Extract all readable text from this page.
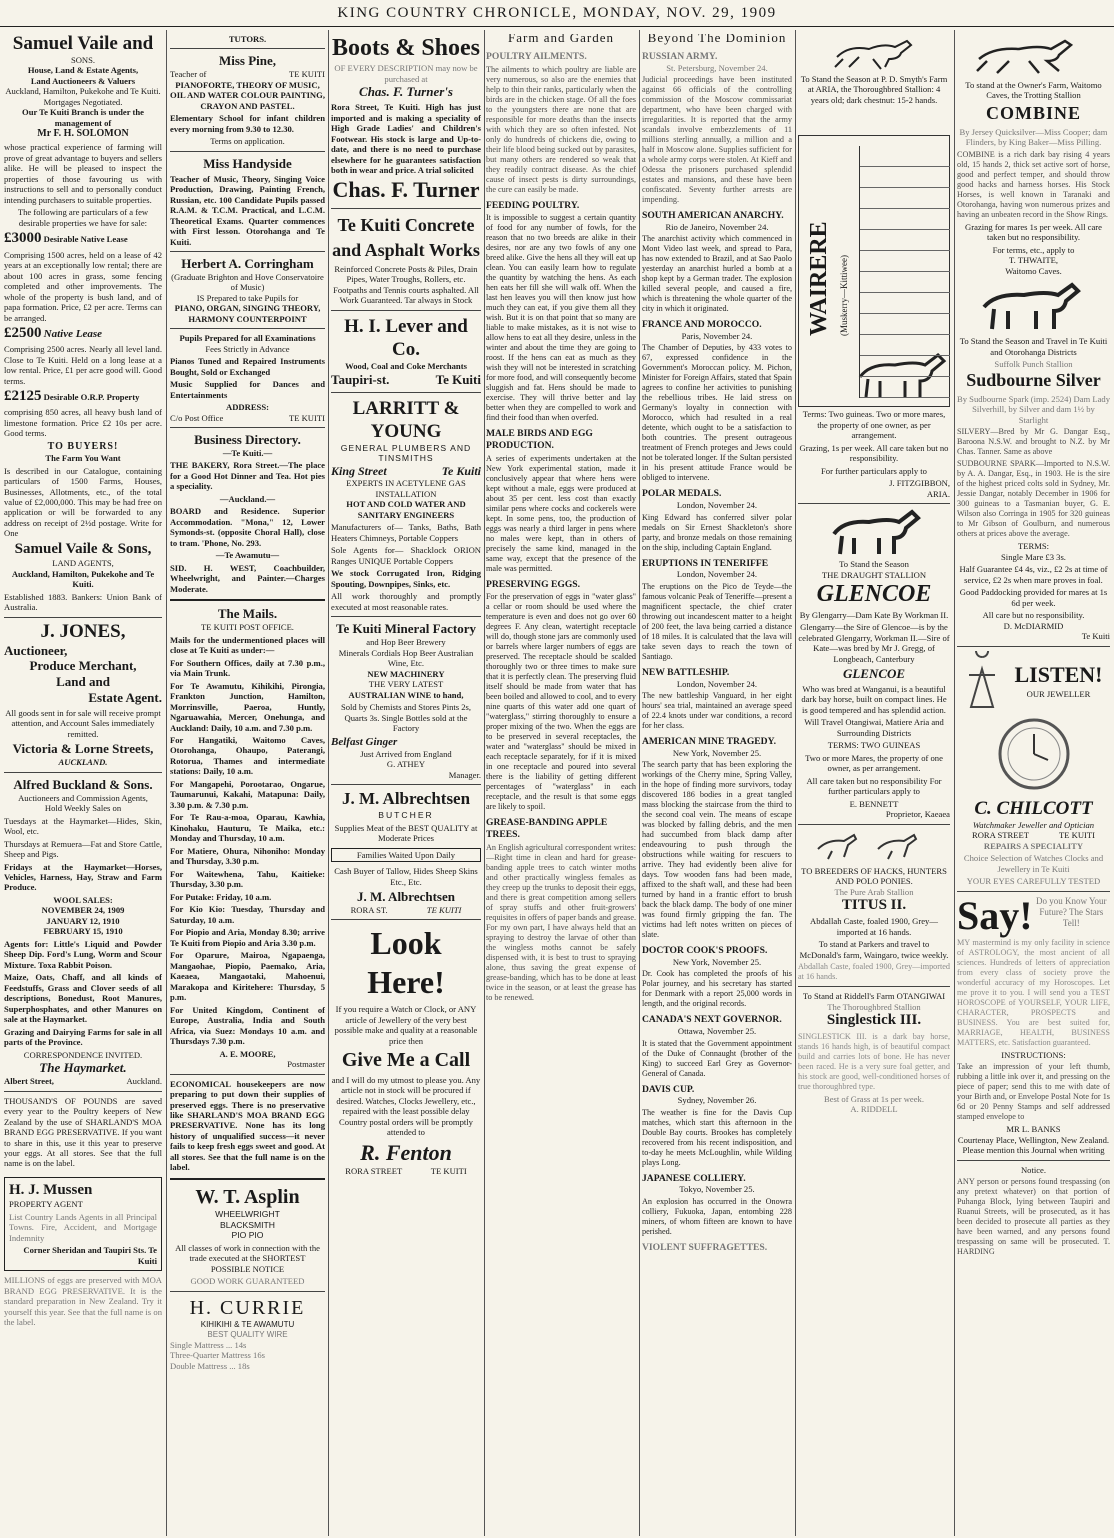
KING COUNTRY CHRONICLE, MONDAY, NOV. 29, 1909
Samuel Vaile and
SONS.
House, Land & Estate Agents,
Land Auctioneers & Valuers
Auckland, Hamilton, Pukekohe and Te Kuiti.
Mortgages Negotiated.
Our Te Kuiti Branch is under the management of
Mr F. H. SOLOMON

whose practical experience of farming will prove of great advantage to buyers and sellers alike. He will be pleased to inspect the properties of those favouring us with instructions to sell and to personally conduct intending purchasers to suitable properties.

The following are particulars of a few desirable properties we have for sale:

£3000 Desirable Native Lease

Comprising 1500 acres, held on a lease of 42 years at an exceptionally low rental; there are about 100 acres in grass, some fencing completed and other improvements. The whole of the property is bush land, and of papa formation. Price, £2 per acre. Terms can be arranged.

£2500 Native Lease

Comprising 2500 acres. Nearly all level land. Close to Te Kuiti. Held on a long lease at a low rental. Price, £1 per acre good will. Good terms.

£2125 Desirable O.R.P. Property

comprising 850 acres, all heavy bush land of limestone formation. Price £2 10s per acre. Good terms.

TO BUYERS!
The Farm You Want

Is described in our Catalogue, containing particulars of 1500 Farms, Houses, Businesses, Allotments, etc., of the total value of £2,000,000. This may be had free on application or will be forwarded to any address on receipt of 2½d postage. Write for One

Samuel Vaile & Sons,
LAND AGENTS,
Auckland, Hamilton, Pukekohe and Te Kuiti.

Established 1883. Bankers: Union Bank of Australia.

J. JONES,
Auctioneer,
Produce Merchant,
Land and
Estate Agent.

All goods sent in for sale will receive prompt attention, and Account Sales immediately remitted.

Victoria & Lorne Streets,
AUCKLAND.
Alfred Buckland & Sons.
Auctioneers and Commission Agents,
Hold Weekly Sales on

Tuesdays at the Haymarket—Hides, Skin, Wool, etc.

Thursdays at Remuera—Fat and Store Cattle, Sheep and Pigs.

Fridays at the Haymarket—Horses, Vehicles, Harness, Hay, Straw and Farm Produce.

WOOL SALES:
NOVEMBER 24, 1909
JANUARY 12, 1910
FEBRUARY 15, 1910

Agents for: Little's Liquid and Powder Sheep Dip. Ford's Lung, Worm and Scour Mixture. Toxa Rabbit Poison.

Maize, Oats, Chaff, and all kinds of Feedstuffs, Grass and Clover seeds of all descriptions, Bonedust, Root Manures, Superphosphates, and other Manures on sale at the Haymarket.

Grazing and Dairying Farms for sale in all parts of the Province.

CORRESPONDENCE INVITED.
The Haymarket.
Albert Street,	Auckland.

THOUSAND'S OF POUNDS are saved every year to the Poultry keepers of New Zealand by the use of SHARLAND'S MOA BRAND EGG PRESERVATIVE. If you want to share in this, use it this year to preserve your eggs. At all stores. See that the full name is on the label.

H. J. Mussen
PROPERTY AGENT

List Country Lands Agents in all Principal Towns. Fire, Accident, and Mortgage Indemnity

Corner Sheridan and Taupiri Sts. Te Kuiti

MILLIONS of eggs are preserved with MOA BRAND EGG PRESERVATIVE. It is the standard preparation in New Zealand. Try it yourself this year. See that the full name is on the label.

TUTORS.
Miss Pine,
Teacher of	TE KUITI
PIANOFORTE, THEORY OF MUSIC, OIL AND WATER COLOUR PAINTING, CRAYON AND PASTEL.

Elementary School for infant children every morning from 9.30 to 12.30.

Terms on application.
Miss Handyside

Teacher of Music, Theory, Singing Voice Production, Drawing, Painting French, Russian, etc. 100 Candidate Pupils passed R.A.M. & T.C.M. Practical, and L.C.M. Theoretical Exams. Quarter commences with First lesson. Otorohanga and Te Kuiti.

Herbert A. Corringham
(Graduate Brighton and Hove Conservatoire of Music)
IS Prepared to take Pupils for
PIANO, ORGAN, SINGING THEORY, HARMONY COUNTERPOINT
Pupils Prepared for all Examinations
Fees Strictly in Advance

Pianos Tuned and Repaired Instruments Bought, Sold or Exchanged

Music Supplied for Dances and Entertainments

ADDRESS:
C/o Post Office	TE KUITI
Business Directory.
—Te Kuiti.—

THE BAKERY, Rora Street.—The place for a Good Hot Dinner and Tea. Hot pies a speciality.

—Auckland.—

BOARD and Residence. Superior Accommodation. "Mona," 12, Lower Symonds-st. (opposite Choral Hall), close to tram. 'Phone, No. 293.

—Te Awamutu—

SID. H. WEST, Coachbuilder, Wheelwright, and Painter.—Charges Moderate.

The Mails.
TE KUITI POST OFFICE.

Mails for the undermentioned places will close at Te Kuiti as under:—

For Southern Offices, daily at 7.30 p.m., via Main Trunk.

For Te Awamutu, Kihikihi, Pirongia, Frankton Junction, Hamilton, Morrinsville, Paeroa, Huntly, Ngaruawahia, Mercer, Onehunga, and Auckland: Daily, 10 a.m. and 7.30 p.m.

For Hangatiki, Waitomo Caves, Otorohanga, Ohaupo, Paterangi, Rotorua, Thames and intermediate stations: Daily, 10 a.m.

For Mangapehi, Porootarao, Ongarue, Taumarunui, Kakahi, Matapuna: Daily, 3.30 p.m. & 7.30 p.m.

For Te Rau-a-moa, Oparau, Kawhia, Kinohaku, Hauturu, Te Maika, etc.: Monday and Thursday, 10 a.m.

For Matiere, Ohura, Nihoniho: Monday and Thursday, 3.30 p.m.

For Waitewhena, Tahu, Kaitieke: Thursday, 3.30 p.m.

For Putake: Friday, 10 a.m.

For Kio Kio: Tuesday, Thursday and Saturday, 10 a.m.

For Piopio and Aria, Monday 8.30; arrive Te Kuiti from Piopio and Aria 3.30 p.m.

For Oparure, Mairoa, Ngapaenga, Mangaohae, Piopio, Paemako, Aria, Kaeaea, Mangaotaki, Mahoenui, Marakopa and Kiritehere: Thursday, 5 p.m.

For United Kingdom, Continent of Europe, Australia, India and South Africa, via Suez: Mondays 10 a.m. and Thursdays 7.30 p.m.

A. E. MOORE,
Postmaster

ECONOMICAL housekeepers are now preparing to put down their supplies of preserved eggs. There is no preservative like SHARLAND'S MOA BRAND EGG PRESERVATIVE. None has its long history of unqualified success—it never fails to keep fresh eggs sweet and good. At all stores. See that the full name is on the label.

W. T. Asplin
WHEELWRIGHT
BLACKSMITH
PIO PIO

All classes of work in connection with the trade executed at the SHORTEST POSSIBLE NOTICE

GOOD WORK GUARANTEED
H. CURRIE
KIHIKIHI & TE AWAMUTU
BEST QUALITY WIRE
Single Mattress ... 14s
Three-Quarter Mattress 16s
Double Mattress ... 18s
Boots & Shoes
OF EVERY DESCRIPTION may now be purchased at
Chas. F. Turner's

Rora Street, Te Kuiti. High has just imported and is making a speciality of High Grade Ladies' and Children's Footwear. His stock is large and Up-to-date, and there is no need to purchase elsewhere for he guarantees satisfaction both in wear and price. A trial solicited

Chas. F. Turner
Te Kuiti Concrete and Asphalt Works

Reinforced Concrete Posts & Piles, Drain Pipes, Water Troughs, Rollers, etc. Footpaths and Tennis courts asphalted. All Work Guaranteed. Tar always in Stock

H. I. Lever and Co.
Wood, Coal and Coke Merchants
Taupiri-st.	Te Kuiti
LARRITT & YOUNG
GENERAL PLUMBERS AND TINSMITHS
King Street	Te Kuiti
EXPERTS IN ACETYLENE GAS INSTALLATION
HOT AND COLD WATER AND SANITARY ENGINEERS

Manufacturers of— Tanks, Baths, Bath Heaters Chimneys, Portable Coppers

Sole Agents for— Shacklock ORION Ranges UNIQUE Portable Coppers

We stock Corrugated Iron, Ridging Spouting, Downpipes, Sinks, etc.

All work thoroughly and promptly executed at most reasonable rates.

Te Kuiti Mineral Factory
and Hop Beer Brewery
Minerals Cordials Hop Beer Australian Wine, Etc.
NEW MACHINERY
THE VERY LATEST
AUSTRALIAN WINE to hand,

Sold by Chemists and Stores Pints 2s, Quarts 3s. Single Bottles sold at the Factory

Belfast Ginger
Just Arrived from England
G. ATHEY
Manager.
J. M. Albrechtsen
BUTCHER

Supplies Meat of the BEST QUALITY at Moderate Prices

Families Waited Upon Daily

Cash Buyer of Tallow, Hides Sheep Skins Etc., Etc.

J. M. Albrechtsen
RORA ST.	TE KUITI
Look Here!

If you require a Watch or Clock, or ANY article of Jewellery of the very best possible make and quality at a reasonable price then

Give Me a Call

and I will do my utmost to please you. Any article not in stock will be procured if desired. Watches, Clocks Jewellery, etc., repaired with the least possible delay Country postal orders will be promptly attended to

R. Fenton
RORA STREET	TE KUITI
Farm and Garden
POULTRY AILMENTS.

The ailments to which poultry are liable are very numerous, so also are the enemies that help to thin their ranks, particularly when the birds are in the chicken stage. Of all the foes to the youngsters there are none that are responsible for more deaths than the insects with which they are so often infested. Not only do hundreds of chickens die, owing to their life blood being sucked out by parasites, but many others are rendered so weak that they readily contract disease. As the chief cause of insect pests is dirty surroundings, the cure can easily be made.

FEEDING POULTRY.

It is impossible to suggest a certain quantity of food for any number of fowls, for the reason that no two breeds are alike in their desires, nor are any two fowls of any one breed alike. Give the hens all they will eat up clean. You can easily learn how to regulate the quantity by watching the hens. As each hen eats her fill she will walk off. When the last hen leaves you will then know just how much they can eat, if you give them all they wish. But it is on that point that so many are liable to make mistakes, as it is not wise to allow hens to eat all they desire, unless in the winter and about the time they are going to roost. If the hens can eat as much as they wish they will not be interested in scratching for more food, and will consequently become sluggish and fat. Hens should be made to exercise. They will thrive better and lay better when they are compelled to work and find their food than when overfed.

MALE BIRDS AND EGG PRODUCTION.

A series of experiments undertaken at the New York experimental station, made it conclusively appear that where hens were kept without a male, eggs were produced at about 35 per cent. less cost than exactly similar pens where cocks and cockerels were kept. In some pens, too, the production of eggs was nearly a third larger in pens where no males were kept, than in others of precisely the same kind, managed in the same way, except that the presence of the male was permitted.

PRESERVING EGGS.

For the preservation of eggs in "water glass" a cellar or room should be used where the temperature is even and does not go over 60 degrees F. Any clean, watertight receptacle will do, though stone jars are commonly used or barrels where larger numbers of eggs are preserved. The receptacle should be scalded thoroughly two or three times to make sure that it is perfectly clean. The preserving fluid itself should be made from water that has been boiled and allowed to cool, and to every nine quarts of this water add one quart of "waterglass," stirring thoroughly to ensure a proper mixing of the two. When the eggs are to be preserved in several receptacles, the water and "waterglass" should be mixed in each receptacle separately, for if it is mixed in one receptacle and poured into several there is the liability of getting different percentages of "waterglass" in each receptacle, and the result is that some eggs are likely to spoil.

GREASE-BANDING APPLE TREES.

An English agricultural correspondent writes:—Right time in clean and hard for grease-banding apple trees to catch winter moths and other practically wingless females as they creep up the trunks to deposit their eggs, and there is great competition among sellers of spray stuffs and other fruit-growers' requisites in offers of paper bands and grease. For my own part, I have always held that an spraying to destroy the larvae of other than the wingless moths cannot be safely dispensed with, it is best to trust to spraying alone, thus saving the great expense of grease-banding, which has to be done at least twice in the season, or at least the grease has to be renewed.

Beyond The Dominion
RUSSIAN ARMY.
St. Petersburg, November 24.

Judicial proceedings have been instituted against 66 officials of the controlling commission of the Moscow commissariat department, who have been charged with irregularities. It is reported that the army scandals involve embezzlements of 11 millions sterling annually, a million and a half in Moscow alone. Supplies sufficient for a whole army corps were stolen. At Kieff and Odessa the prisoners purchased splendid estates and mansions, and these have been confiscated. Seventy further arrests are impending.

SOUTH AMERICAN ANARCHY.
Rio de Janeiro, November 24.

The anarchist activity which commenced in Mont Video last week, and spread to Para, has now extended to Brazil, and at Sao Paolo yesterday an anarchist hurled a bomb at a shop kept by a German trader. The explosion killed several people, and caused a fire, which is threatening the whole quarter of the city in which it originated.

FRANCE AND MOROCCO.
Paris, November 24.

The Chamber of Deputies, by 433 votes to 67, expressed confidence in the Government's Moroccan policy. M. Pichon, Minister for Foreign Affairs, stated that Spain agrees to confine her activities to punishing the rebellious tribes. He laid stress on Germany's loyalty in connection with Morocco, which had resulted in a real detente, which ought to be a satisfaction to both countries. The present outrageous treatment of French proteges and Jews could not be tolerated longer. If the Sultan persisted in his present attitude France would be obliged to intervene.

POLAR MEDALS.
London, November 24.

King Edward has conferred silver polar medals on Sir Ernest Shackleton's shore party, and bronze medals on those remaining on the ship, including Captain England.

ERUPTIONS IN TENERIFFE
London, November 24.

The eruptions on the Pico de Teyde—the famous volcanic Peak of Teneriffe—present a magnificent spectacle, the chief crater throwing out incandescent matter to a height of 200 feet, the lava being carried a distance of 18 miles. It is calculated that the lava will take seven days to reach the town of Santiago.

NEW BATTLESHIP.
London, November 24.

The new battleship Vanguard, in her eight hours' sea trial, maintained an average speed of 22.4 knots under war conditions, a record for her class.

AMERICAN MINE TRAGEDY.
New York, November 25.

The search party that has been exploring the workings of the Cherry mine, Spring Valley, in the hope of finding more survivors, today discovered 186 bodies in a great tangled mass blocking the staircase from the third to the second coal vein. The means of escape was blocked by falling debris, and the men had succumbed from black damp after endeavouring to push through the obstructions while waiting for rescuers to arrive. They had evidently been alive for days. Tow wooden fans had been made, affixed to the shaft wall, and these had been turned by hand in a frantic effort to brush back the black damp. The body of one miner was found firmly gripping the fan. The victims had left notes written on pieces of slate.

DOCTOR COOK'S PROOFS.
New York, November 25.

Dr. Cook has completed the proofs of his Polar journey, and his secretary has started for Denmark with a report 25,000 words in length, and the original records.

CANADA'S NEXT GOVERNOR.
Ottawa, November 25.

It is stated that the Government appointment of the Duke of Connaught (brother of the King) to succeed Earl Grey as Governor-General of Canada.

DAVIS CUP.
Sydney, November 26.

The weather is fine for the Davis Cup matches, which start this afternoon in the Double Bay courts. Brookes has completely recovered from his recent indisposition, and to-day he meets McLoughlin, while Wilding plays Long.

JAPANESE COLLIERY.
Tokyo, November 25.

An explosion has occurred in the Onowra colliery, Fukuoka, Japan, entombing 228 miners, of whom fifteen are known to have perished.

VIOLENT SUFFRAGETTES.

To Stand the Season at P. D. Smyth's Farm at ARIA, the Thoroughbred Stallion: 4 years old; dark chestnut: 15-2 hands.

WAIRERE (Muskerry—Kittiwee)

Terms: Two guineas. Two or more mares, the property of one owner, as per arrangement.

Grazing, 1s per week. All care taken but no responsibility.

For further particulars apply to

J. FITZGIBBON,
ARIA.
To Stand the Season
THE DRAUGHT STALLION
GLENCOE
By Glengarry—Dam Kate By Workman II.

Glengarry—the Sire of Glencoe—is by the celebrated Glengarry, Workman II.—Sire of Kate—was bred by Mr J. Gregg, of Longbeach, Canterbury

GLENCOE

Who was bred at Wanganui, is a beautiful dark bay horse, built on compact lines. He is good tempered and has splendid action.

Will Travel Otangiwai, Matiere Aria and Surrounding Districts

TERMS: TWO GUINEAS

Two or more Mares, the property of one owner, as per arrangement.

All care taken but no responsibility For further particulars apply to

E. BENNETT
Proprietor, Kaeaea
TO BREEDERS OF HACKS, HUNTERS AND POLO PONIES.
The Pure Arab Stallion
TITUS II.

Abdallah Caste, foaled 1900, Grey—imported at 16 hands.

To stand at Parkers and travel to McDonald's farm, Waingaro, twice weekly.

Abdallah Caste, foaled 1900, Grey—imported at 16 hands.

To Stand at Riddell's Farm OTANGIWAI
The Thoroughbred Stallion
Singlestick III.

SINGLESTICK III. is a dark bay horse, stands 16 hands high, is of beautiful compact build and carries lots of bone. He has never been raced. He is a very sure foal getter, and his stock are good, well-conditioned horses of true thoroughbred type.

Best of Grass at 1s per week.
A. RIDDELL

To stand at the Owner's Farm, Waitomo Caves, the Trotting Stallion

COMBINE

By Jersey Quicksilver—Miss Cooper; dam Flinders, by King Baker—Miss Pilling.

COMBINE is a rich dark bay rising 4 years old, 15 hands 2, thick set active sort of horse, good and perfect temper, and should throw good hacks and harness horses. His Stock Horses, is well known in Taranaki and Otorohanga, having won numerous prizes and having an unbeaten record in the Show Rings.

Grazing for mares 1s per week. All care taken but no responsibility.

For terms, etc., apply to
T. THWAITE,
Waitomo Caves.

To Stand the Season and Travel in Te Kuiti and Otorohanga Districts

Suffolk Punch Stallion
Sudbourne Silver

By Sudbourne Spark (imp. 2524) Dam Lady Silverhill, by Silver and dam 1½ by Starlight

SILVERY—Bred by Mr G. Dangar Esq., Baroona N.S.W. and brought to N.Z. by Mr Chas. Tanner. Same as above

SUDBOURNE SPARK—Imported to N.S.W. by A. A. Dangar, Esq., in 1903. He is the sire of the highest priced colts sold in Sydney, Mr. Jessie Dangar, notably December in 1906 for 300 guineas to a Tasmanian buyer, G. E. Wilson also Corringa in 1905 for 320 guineas to Mr Gibson of Goulburn, and numerous others at prices above the average.

TERMS:
Single Mare £3 3s.

Half Guarantee £4 4s, viz., £2 2s at time of service, £2 2s when mare proves in foal.

Good Paddocking provided for mares at 1s 6d per week.

All care but no responsibility.
D. McDIARMID
Te Kuiti
LISTEN!
OUR JEWELLER
C. CHILCOTT
Watchmaker Jeweller and Optician
RORA STREET	TE KUITI
REPAIRS A SPECIALITY

Choice Selection of Watches Clocks and Jewellery in Te Kuiti

YOUR EYES CAREFULLY TESTED
Say! Do you Know Your Future? The Stars Tell!

MY mastermind is my only facility in science of ASTROLOGY, the most ancient of all sciences. Hundreds of letters of appreciation from every class of society prove the wonderful accuracy of my Horoscopes. Let me prove it to you. I will send you a TEST HOROSCOPE of YOURSELF, YOUR LIFE, CHARACTER, PROSPECTS and BUSINESS. You are best suited for, MARRIAGE, HEALTH, BUSINESS MATTERS, etc. Satisfaction guaranteed.

INSTRUCTIONS:

Take an impression of your left thumb, rubbing a little ink over it, and pressing on the piece of paper; send this to me with date of your Birth and, or Envelope Postal Note for 1s 6d or 20 Penny Stamps and self addressed stamped envelope to

MR L. BANKS
Courtenay Place, Wellington, New Zealand.
Please mention this Journal when writing
Notice.

ANY person or persons found trespassing (on any pretext whatever) on that portion of Puhanga Block, lying between Taupiri and Ruanui Streets, will be prosecuted, as it has been decided to prosecute all parties as they have been warned, and any persons found trespassing on same will be prosecuted. T. HARDING
